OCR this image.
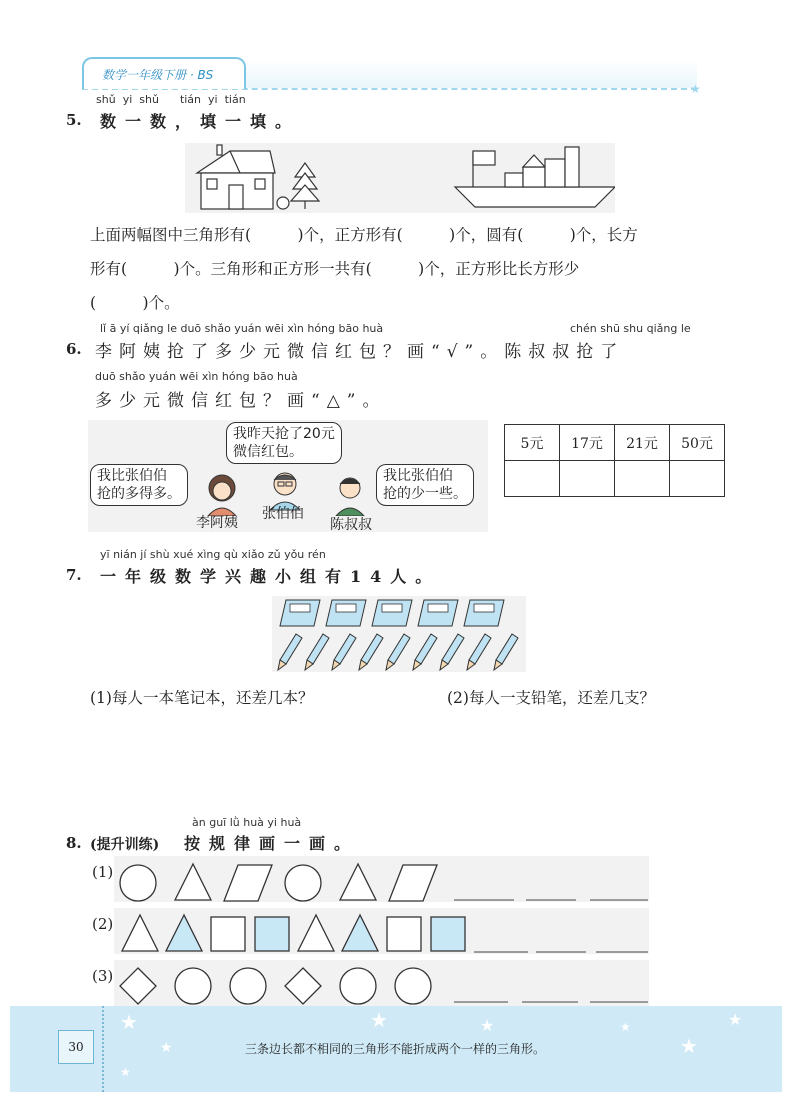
数学一年级下册 · BS
★
shǔ yi shǔ tián yi tián
5. 数一数，填一填。
上面两幅图中三角形有(　　　)个，正方形有(　　　)个，圆有(　　　)个，长方
形有(　　　)个。三角形和正方形一共有(　　　)个，正方形比长方形少
(　　　)个。
lǐ ā yí qiǎng le duō shǎo yuán wēi xìn hóng bāo huà	chén shū shu qiǎng le
6. 李阿姨抢了多少元微信红包？画“√”。陈叔叔抢了
duō shǎo yuán wēi xìn hóng bāo huà
多少元微信红包？画“△”。
我昨天抢了20元
微信红包。
我比张伯伯
抢的多得多。
我比张伯伯
抢的少一些。
李阿姨
张伯伯
陈叔叔
5元	17元	21元	50元

yī nián jí shù xué xìng qù xiǎo zǔ yǒu rén
7. 一年级数学兴趣小组有14人。
(1)每人一本笔记本，还差几本？	(2)每人一支铅笔，还差几支？
àn guī lǜ huà yi huà
8. (提升训练) 按规律画一画。
(1)
(2)
(3)
30	三条边长都不相同的三角形不能折成两个一样的三角形。
★
★
★
★	★	★
★
★
